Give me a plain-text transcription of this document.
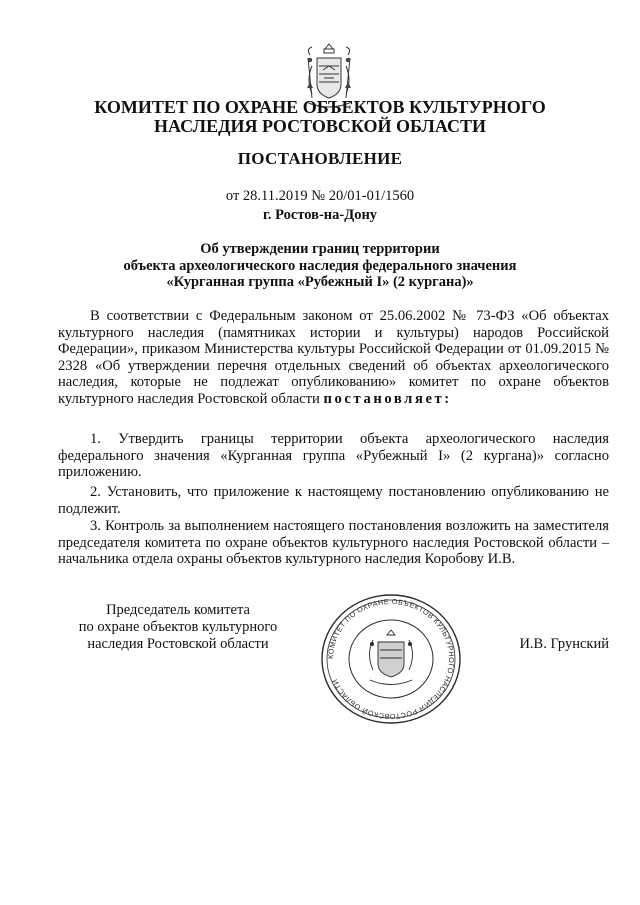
КОМИТЕТ ПО ОХРАНЕ ОБЪЕКТОВ КУЛЬТУРНОГО
НАСЛЕДИЯ РОСТОВСКОЙ ОБЛАСТИ
ПОСТАНОВЛЕНИЕ
от 28.11.2019 № 20/01-01/1560
г. Ростов-на-Дону
Об утверждении границ территории
объекта археологического наследия федерального значения
«Курганная группа «Рубежный I» (2 кургана)»
В соответствии с Федеральным законом от 25.06.2002 № 73-ФЗ «Об объектах культурного наследия (памятниках истории и культуры) народов Российской Федерации», приказом Министерства культуры Российской Федерации от 01.09.2015 № 2328 «Об утверждении перечня отдельных сведений об объектах археологического наследия, которые не подлежат опубликованию» комитет по охране объектов культурного наследия Ростовской области постановляет:
1. Утвердить границы территории объекта археологического наследия федерального значения «Курганная группа «Рубежный I» (2 кургана)» согласно приложению.
2. Установить, что приложение к настоящему постановлению опубликованию не подлежит.
3. Контроль за выполнением настоящего постановления возложить на заместителя председателя комитета по охране объектов культурного наследия Ростовской области – начальника отдела охраны объектов культурного наследия Коробову И.В.
Председатель комитета
по охране объектов культурного
наследия Ростовской области
КОМИТЕТ ПО ОХРАНЕ ОБЪЕКТОВ КУЛЬТУРНОГО НАСЛЕДИЯ РОСТОВСКОЙ ОБЛАСТИ
И.В. Грунский
